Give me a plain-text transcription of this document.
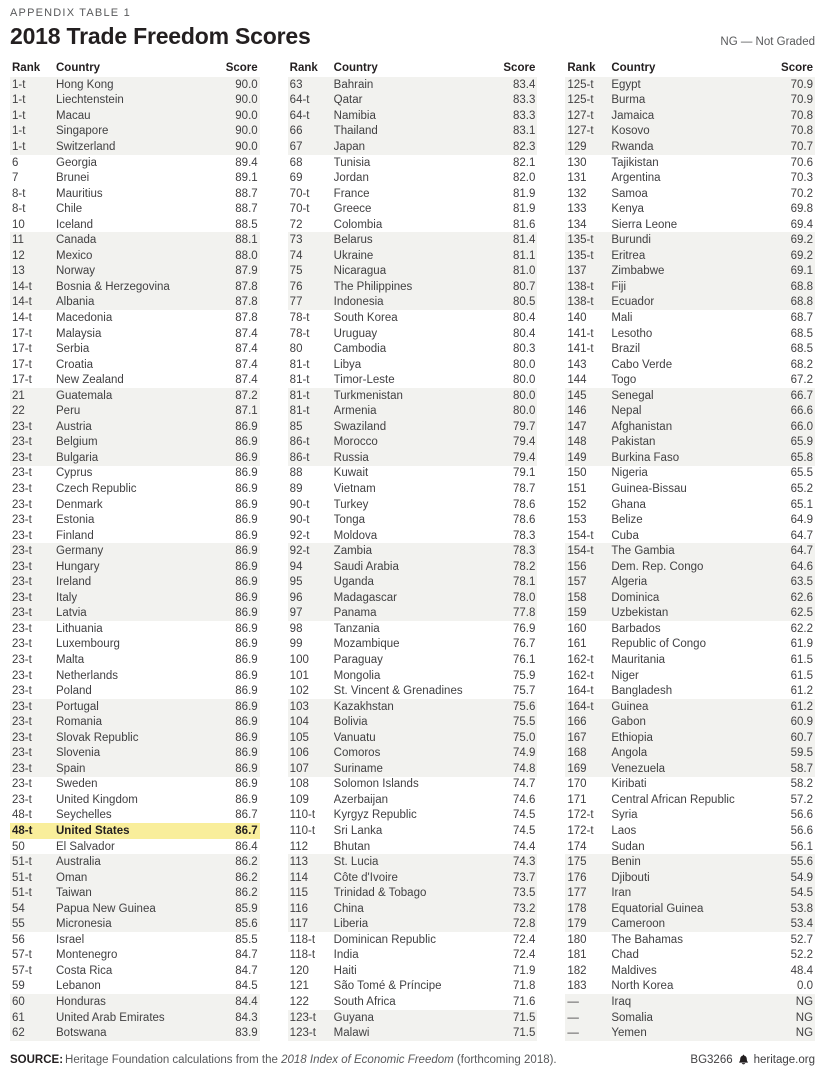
APPENDIX TABLE 1
2018 Trade Freedom Scores	NG — Not Graded
Rank	Country	Score
1-t	Hong Kong	90.0
1-t	Liechtenstein	90.0
1-t	Macau	90.0
1-t	Singapore	90.0
1-t	Switzerland	90.0
6	Georgia	89.4
7	Brunei	89.1
8-t	Mauritius	88.7
8-t	Chile	88.7
10	Iceland	88.5
11	Canada	88.1
12	Mexico	88.0
13	Norway	87.9
14-t	Bosnia & Herzegovina	87.8
14-t	Albania	87.8
14-t	Macedonia	87.8
17-t	Malaysia	87.4
17-t	Serbia	87.4
17-t	Croatia	87.4
17-t	New Zealand	87.4
21	Guatemala	87.2
22	Peru	87.1
23-t	Austria	86.9
23-t	Belgium	86.9
23-t	Bulgaria	86.9
23-t	Cyprus	86.9
23-t	Czech Republic	86.9
23-t	Denmark	86.9
23-t	Estonia	86.9
23-t	Finland	86.9
23-t	Germany	86.9
23-t	Hungary	86.9
23-t	Ireland	86.9
23-t	Italy	86.9
23-t	Latvia	86.9
23-t	Lithuania	86.9
23-t	Luxembourg	86.9
23-t	Malta	86.9
23-t	Netherlands	86.9
23-t	Poland	86.9
23-t	Portugal	86.9
23-t	Romania	86.9
23-t	Slovak Republic	86.9
23-t	Slovenia	86.9
23-t	Spain	86.9
23-t	Sweden	86.9
23-t	United Kingdom	86.9
48-t	Seychelles	86.7
48-t	United States	86.7
50	El Salvador	86.4
51-t	Australia	86.2
51-t	Oman	86.2
51-t	Taiwan	86.2
54	Papua New Guinea	85.9
55	Micronesia	85.6
56	Israel	85.5
57-t	Montenegro	84.7
57-t	Costa Rica	84.7
59	Lebanon	84.5
60	Honduras	84.4
61	United Arab Emirates	84.3
62	Botswana	83.9
Rank	Country	Score
63	Bahrain	83.4
64-t	Qatar	83.3
64-t	Namibia	83.3
66	Thailand	83.1
67	Japan	82.3
68	Tunisia	82.1
69	Jordan	82.0
70-t	France	81.9
70-t	Greece	81.9
72	Colombia	81.6
73	Belarus	81.4
74	Ukraine	81.1
75	Nicaragua	81.0
76	The Philippines	80.7
77	Indonesia	80.5
78-t	South Korea	80.4
78-t	Uruguay	80.4
80	Cambodia	80.3
81-t	Libya	80.0
81-t	Timor-Leste	80.0
81-t	Turkmenistan	80.0
81-t	Armenia	80.0
85	Swaziland	79.7
86-t	Morocco	79.4
86-t	Russia	79.4
88	Kuwait	79.1
89	Vietnam	78.7
90-t	Turkey	78.6
90-t	Tonga	78.6
92-t	Moldova	78.3
92-t	Zambia	78.3
94	Saudi Arabia	78.2
95	Uganda	78.1
96	Madagascar	78.0
97	Panama	77.8
98	Tanzania	76.9
99	Mozambique	76.7
100	Paraguay	76.1
101	Mongolia	75.9
102	St. Vincent & Grenadines	75.7
103	Kazakhstan	75.6
104	Bolivia	75.5
105	Vanuatu	75.0
106	Comoros	74.9
107	Suriname	74.8
108	Solomon Islands	74.7
109	Azerbaijan	74.6
110-t	Kyrgyz Republic	74.5
110-t	Sri Lanka	74.5
112	Bhutan	74.4
113	St. Lucia	74.3
114	Côte d'Ivoire	73.7
115	Trinidad & Tobago	73.5
116	China	73.2
117	Liberia	72.8
118-t	Dominican Republic	72.4
118-t	India	72.4
120	Haiti	71.9
121	São Tomé & Príncipe	71.8
122	South Africa	71.6
123-t	Guyana	71.5
123-t	Malawi	71.5
Rank	Country	Score
125-t	Egypt	70.9
125-t	Burma	70.9
127-t	Jamaica	70.8
127-t	Kosovo	70.8
129	Rwanda	70.7
130	Tajikistan	70.6
131	Argentina	70.3
132	Samoa	70.2
133	Kenya	69.8
134	Sierra Leone	69.4
135-t	Burundi	69.2
135-t	Eritrea	69.2
137	Zimbabwe	69.1
138-t	Fiji	68.8
138-t	Ecuador	68.8
140	Mali	68.7
141-t	Lesotho	68.5
141-t	Brazil	68.5
143	Cabo Verde	68.2
144	Togo	67.2
145	Senegal	66.7
146	Nepal	66.6
147	Afghanistan	66.0
148	Pakistan	65.9
149	Burkina Faso	65.8
150	Nigeria	65.5
151	Guinea-Bissau	65.2
152	Ghana	65.1
153	Belize	64.9
154-t	Cuba	64.7
154-t	The Gambia	64.7
156	Dem. Rep. Congo	64.6
157	Algeria	63.5
158	Dominica	62.6
159	Uzbekistan	62.5
160	Barbados	62.2
161	Republic of Congo	61.9
162-t	Mauritania	61.5
162-t	Niger	61.5
164-t	Bangladesh	61.2
164-t	Guinea	61.2
166	Gabon	60.9
167	Ethiopia	60.7
168	Angola	59.5
169	Venezuela	58.7
170	Kiribati	58.2
171	Central African Republic	57.2
172-t	Syria	56.6
172-t	Laos	56.6
174	Sudan	56.1
175	Benin	55.6
176	Djibouti	54.9
177	Iran	54.5
178	Equatorial Guinea	53.8
179	Cameroon	53.4
180	The Bahamas	52.7
181	Chad	52.2
182	Maldives	48.4
183	North Korea	0.0
—	Iraq	NG
—	Somalia	NG
—	Yemen	NG
SOURCE: Heritage Foundation calculations from the 2018 Index of Economic Freedom (forthcoming 2018).	BG3266 heritage.org
